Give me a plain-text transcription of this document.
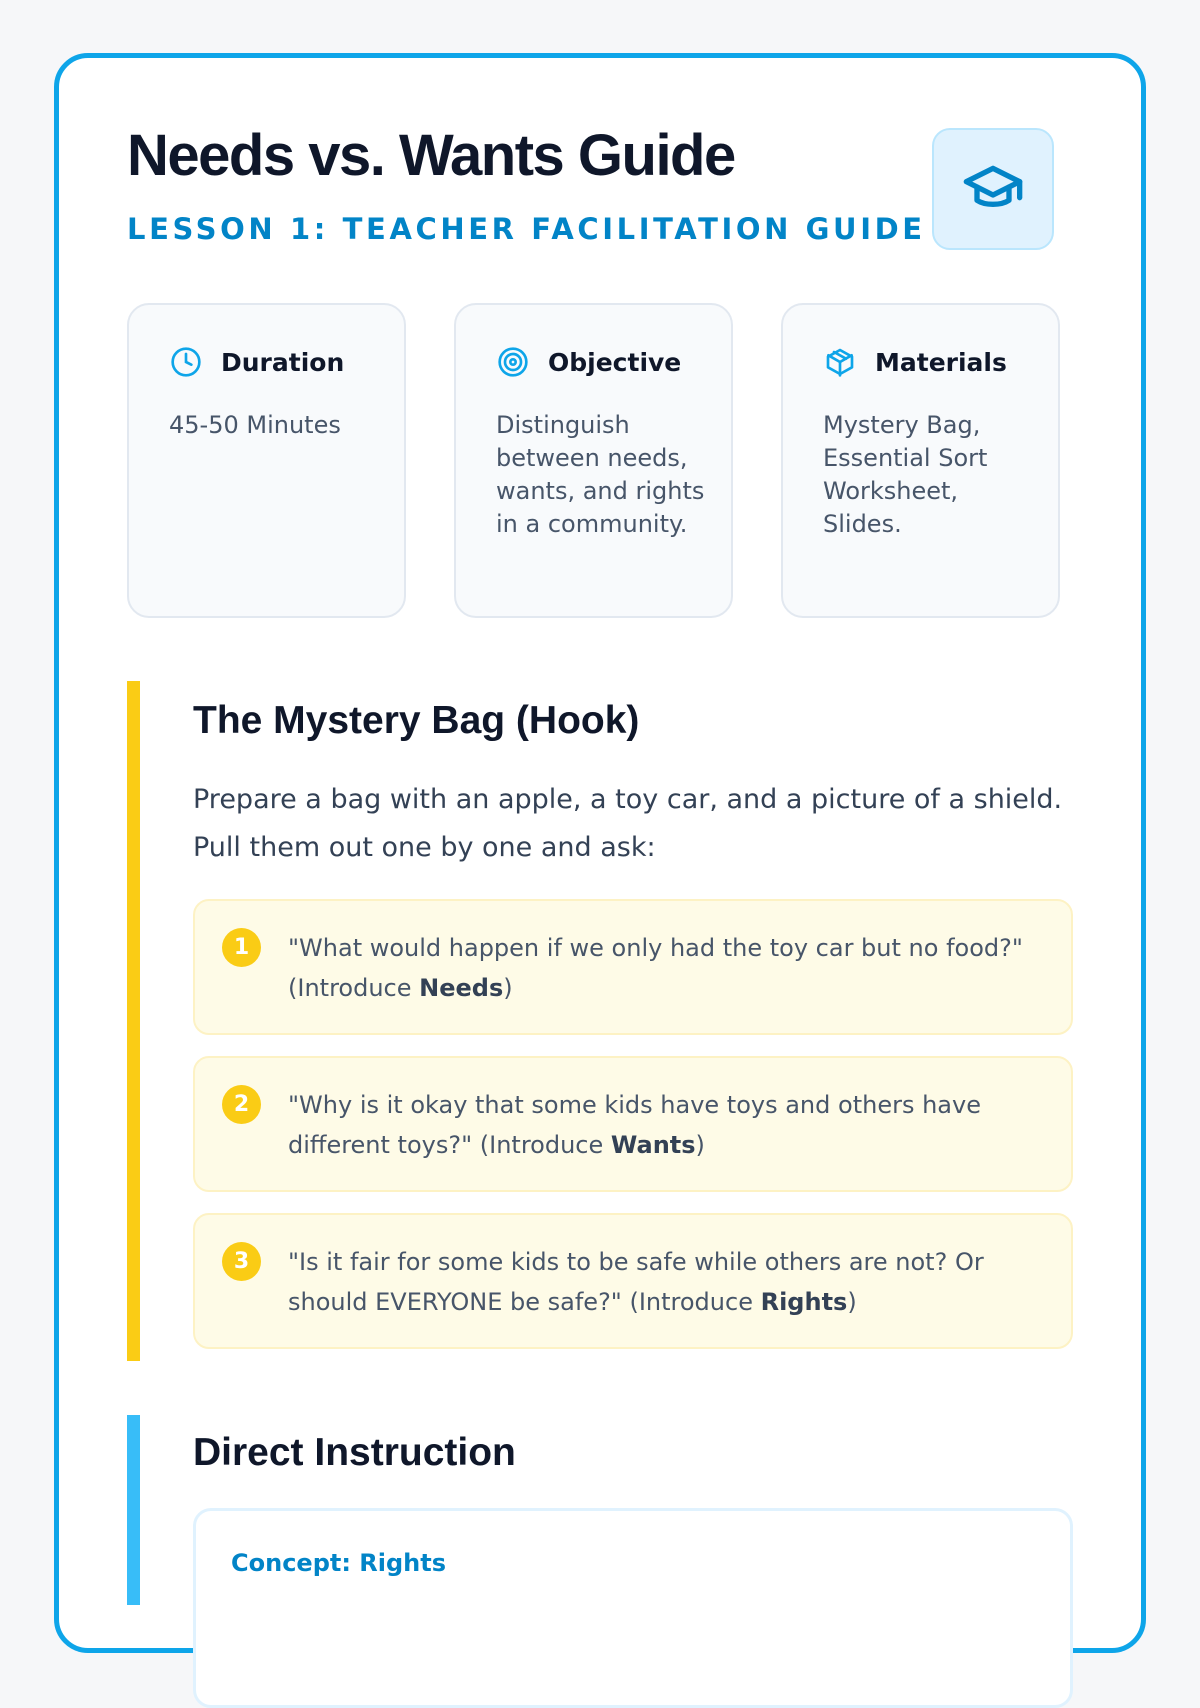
Needs vs. Wants Guide
LESSON 1: TEACHER FACILITATION GUIDE
Duration
45-50 Minutes
Objective
Distinguish between needs, wants, and rights in a community.
Materials
Mystery Bag, Essential Sort Worksheet, Slides.
The Mystery Bag (Hook)
Prepare a bag with an apple, a toy car, and a picture of a shield. Pull them out one by one and ask:
1	"What would happen if we only had the toy car but no food?" (Introduce Needs)
2	"Why is it okay that some kids have toys and others have different toys?" (Introduce Wants)
3	"Is it fair for some kids to be safe while others are not? Or should EVERYONE be safe?" (Introduce Rights)
Direct Instruction
Concept: Rights
